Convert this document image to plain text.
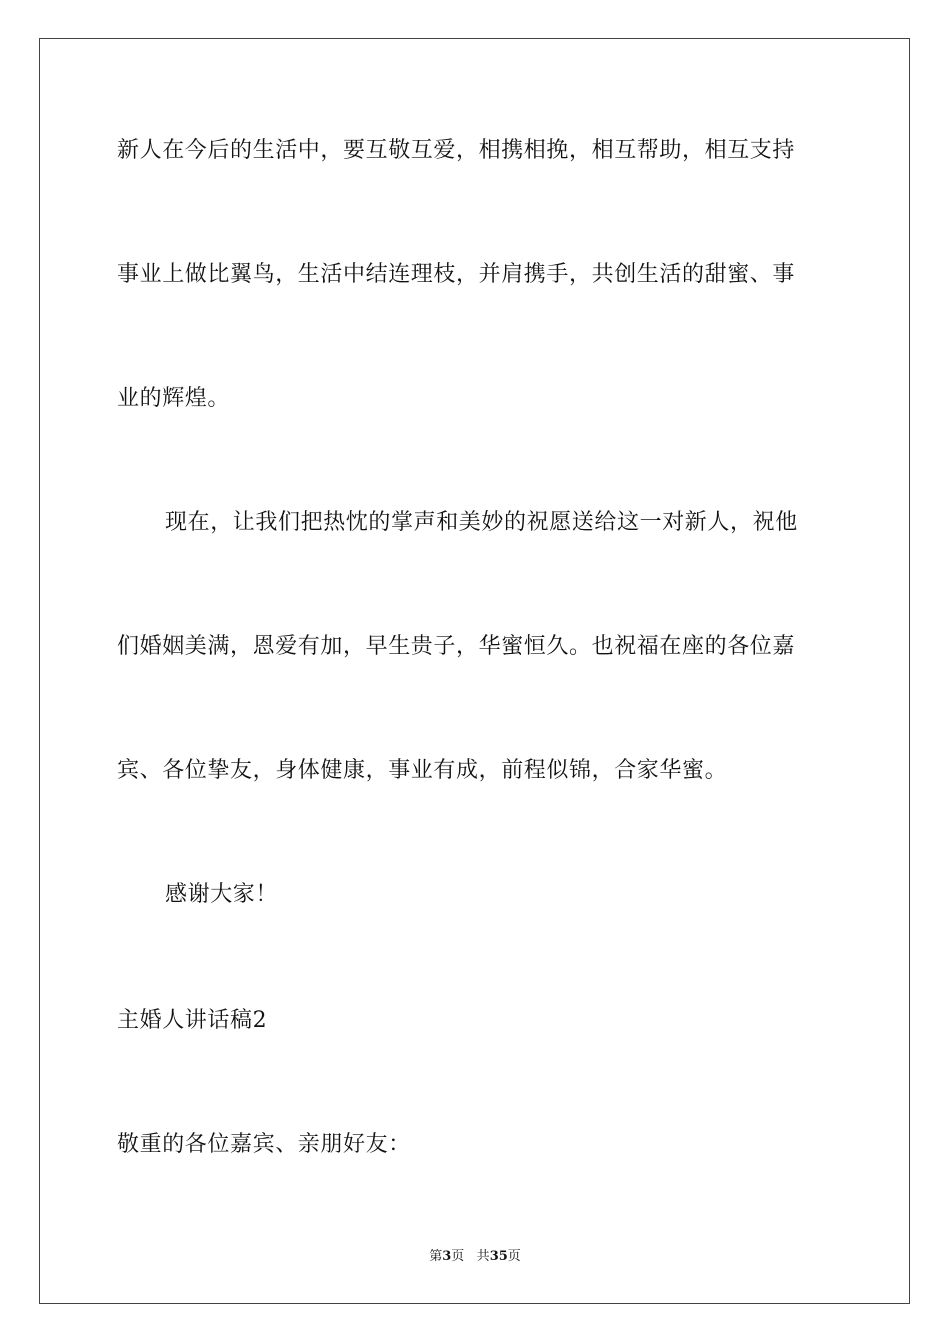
新人在今后的生活中，要互敬互爱，相携相挽，相互帮助，相互支持
事业上做比翼鸟，生活中结连理枝，并肩携手，共创生活的甜蜜、事
业的辉煌。
现在，让我们把热忱的掌声和美妙的祝愿送给这一对新人，祝他
们婚姻美满，恩爱有加，早生贵子，华蜜恒久。也祝福在座的各位嘉
宾、各位挚友，身体健康，事业有成，前程似锦，合家华蜜。
感谢大家！
主婚人讲话稿2
敬重的各位嘉宾、亲朋好友：
第3页 共35页
